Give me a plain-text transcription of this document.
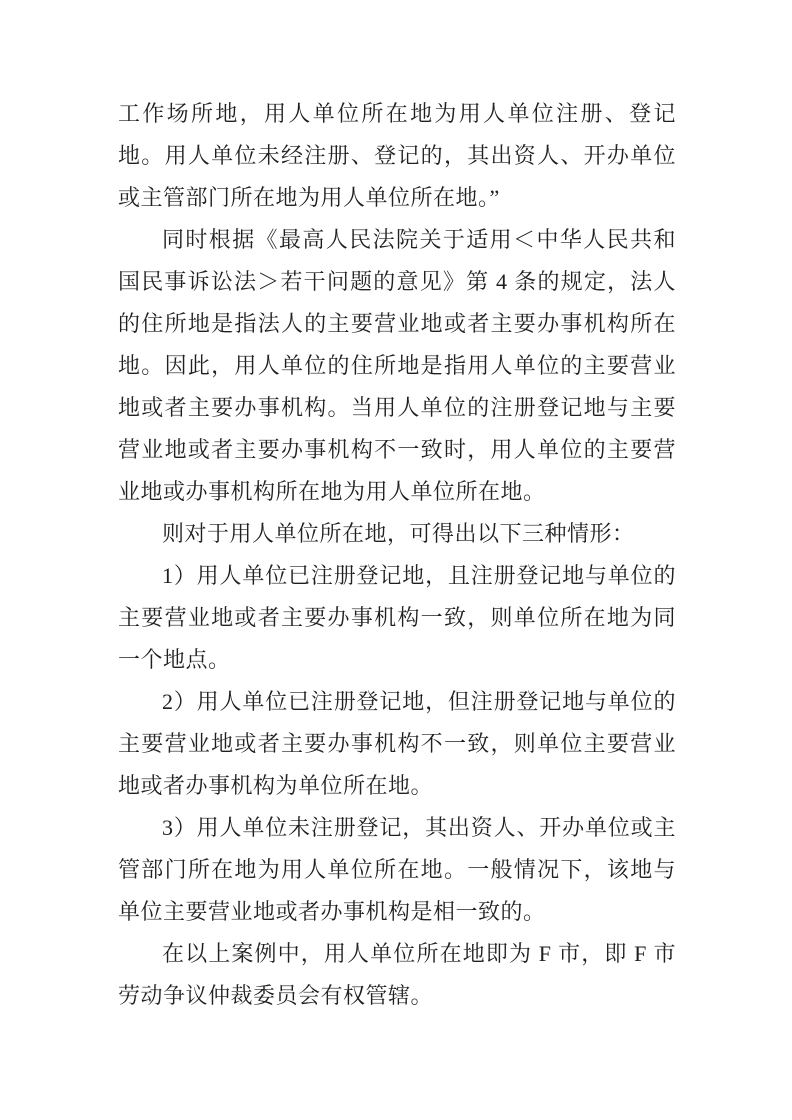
工作场所地，用人单位所在地为用人单位注册、登记地。用人单位未经注册、登记的，其出资人、开办单位或主管部门所在地为用人单位所在地。”

同时根据《最高人民法院关于适用＜中华人民共和国民事诉讼法＞若干问题的意见》第 4 条的规定，法人的住所地是指法人的主要营业地或者主要办事机构所在地。因此，用人单位的住所地是指用人单位的主要营业地或者主要办事机构。当用人单位的注册登记地与主要营业地或者主要办事机构不一致时，用人单位的主要营业地或办事机构所在地为用人单位所在地。

则对于用人单位所在地，可得出以下三种情形：

1）用人单位已注册登记地，且注册登记地与单位的主要营业地或者主要办事机构一致，则单位所在地为同一个地点。

2）用人单位已注册登记地，但注册登记地与单位的主要营业地或者主要办事机构不一致，则单位主要营业地或者办事机构为单位所在地。

3）用人单位未注册登记，其出资人、开办单位或主管部门所在地为用人单位所在地。一般情况下，该地与单位主要营业地或者办事机构是相一致的。

在以上案例中，用人单位所在地即为 F 市，即 F 市劳动争议仲裁委员会有权管辖。
